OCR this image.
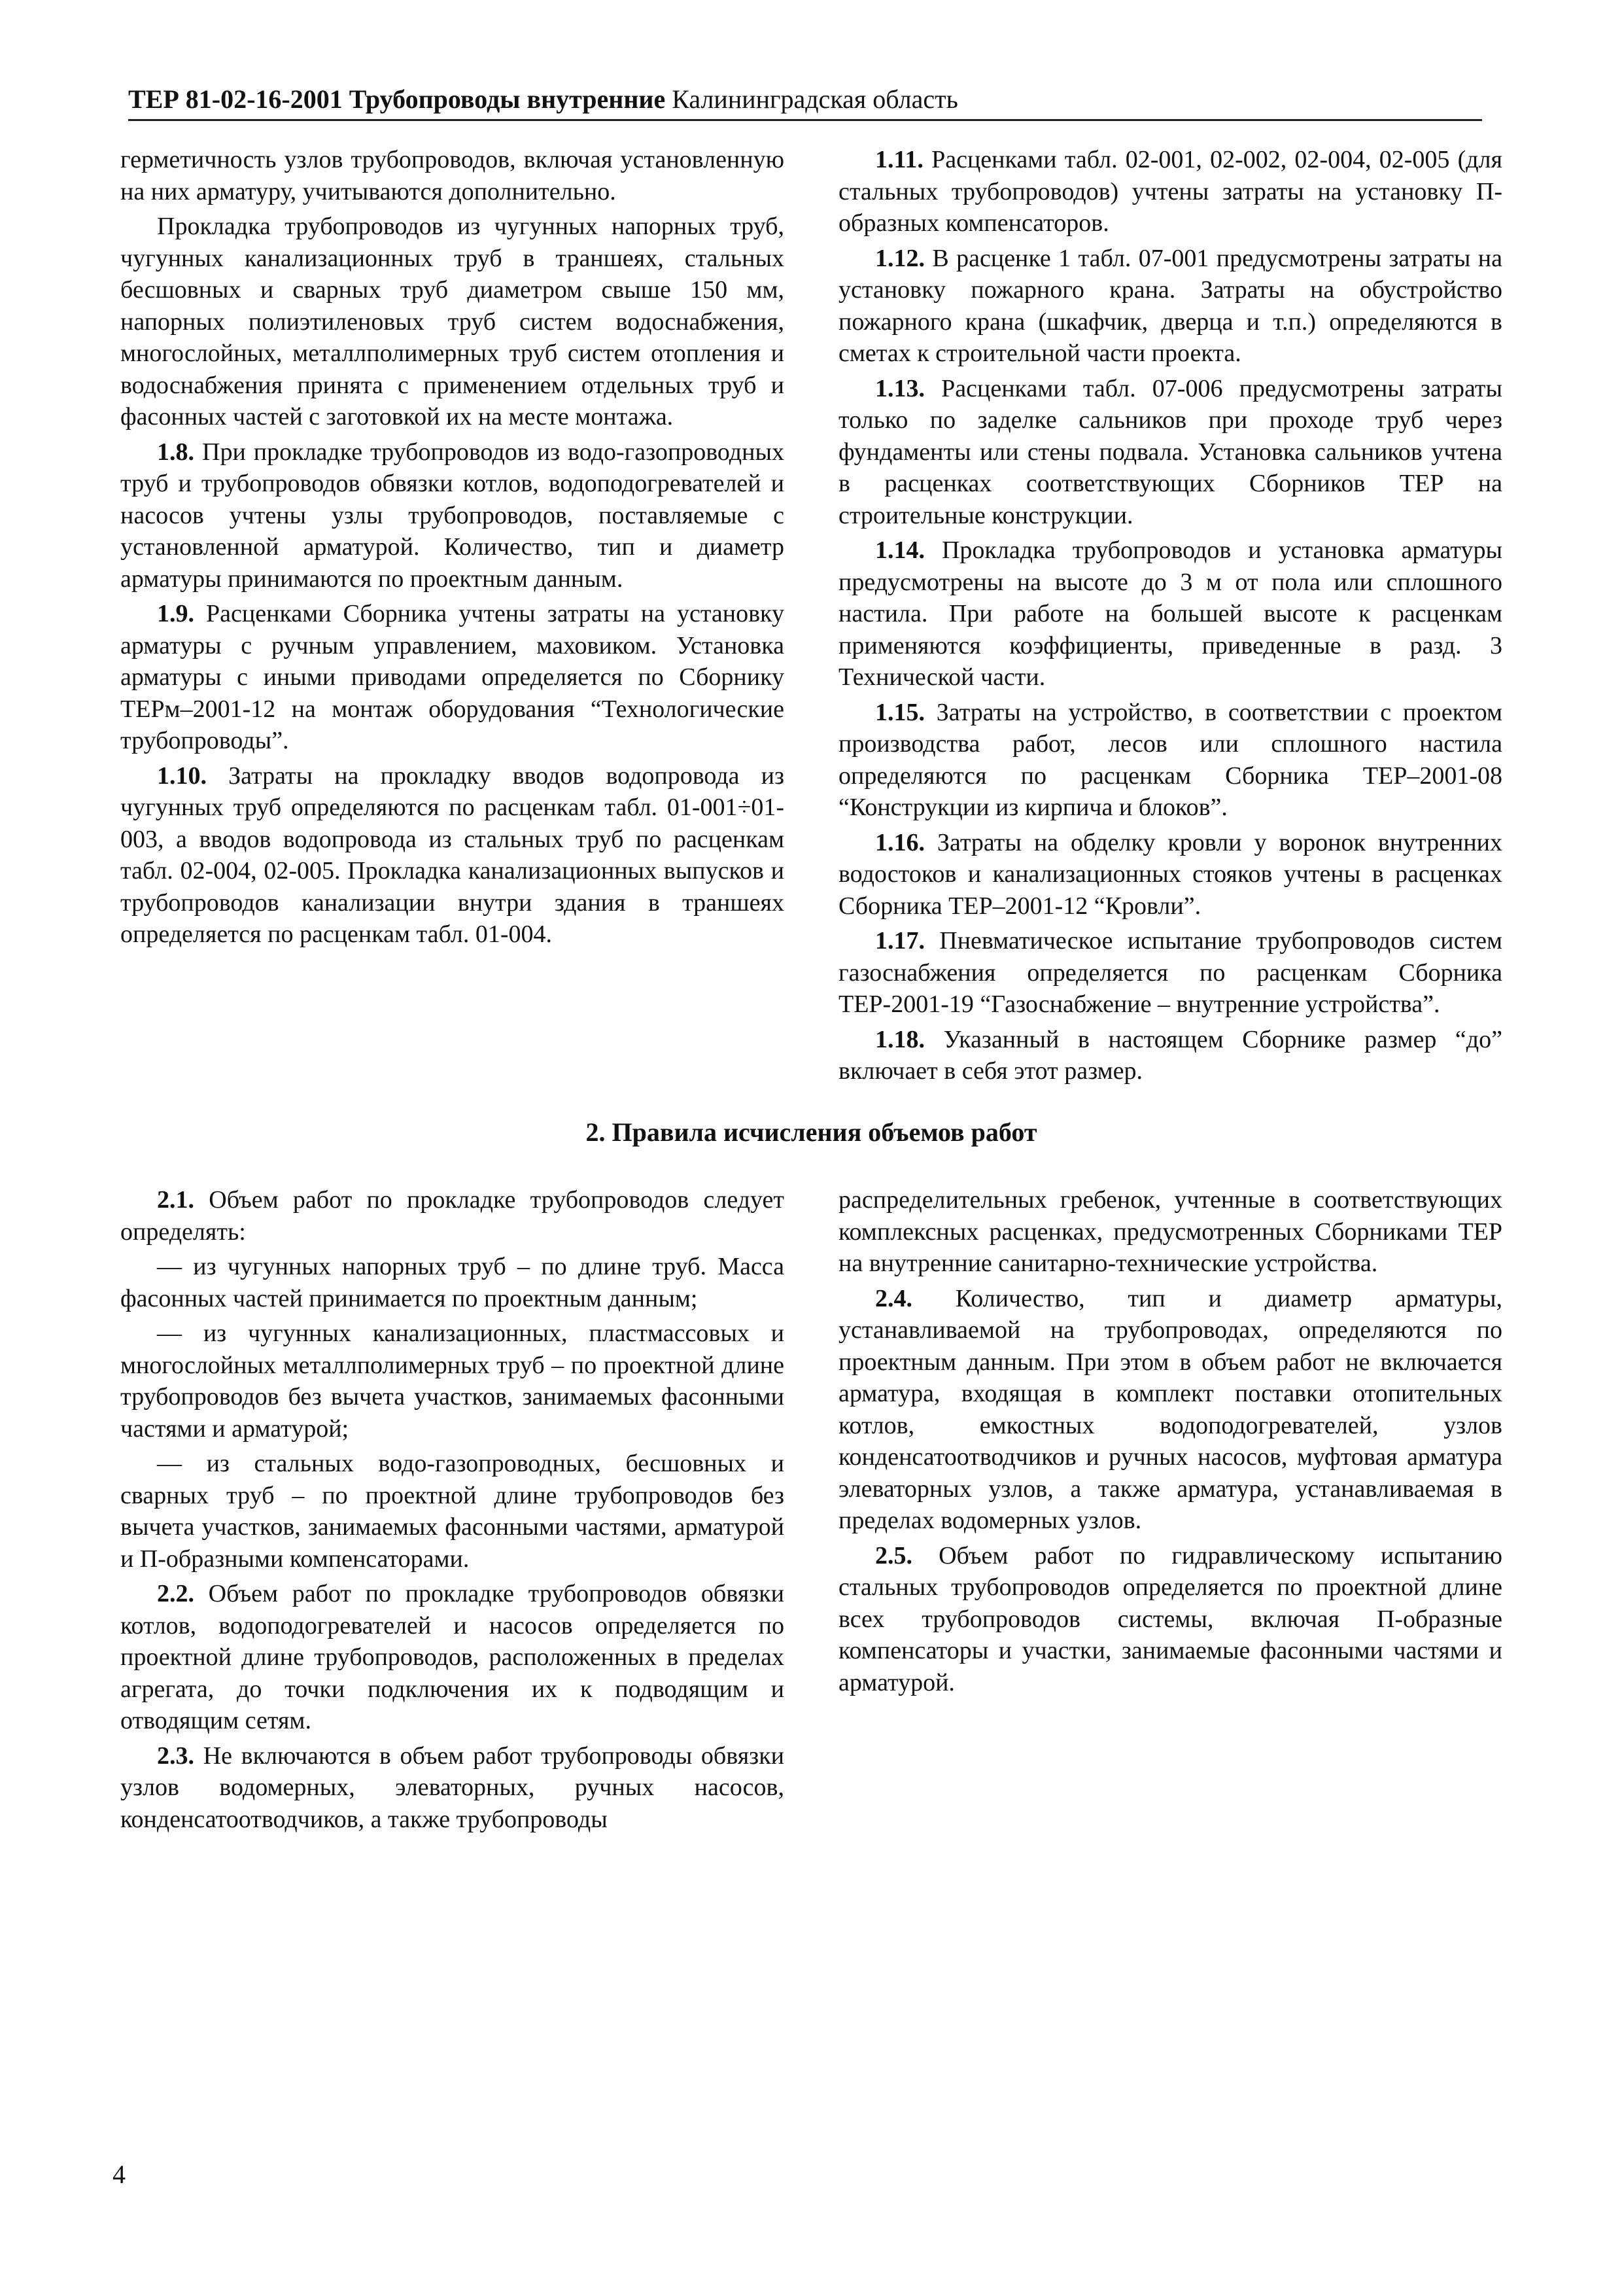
ТЕР 81-02-16-2001 Трубопроводы внутренние Калининградская область

герметичность узлов трубопроводов, включая установленную на них арматуру, учитываются дополнительно.

Прокладка трубопроводов из чугунных напорных труб, чугунных канализационных труб в траншеях, стальных бесшовных и сварных труб диаметром свыше 150 мм, напорных полиэтиленовых труб систем водоснабжения, многослойных, металлполимерных труб систем отопления и водоснабжения принята с применением отдельных труб и фасонных частей с заготовкой их на месте монтажа.

1.8. При прокладке трубопроводов из водо-газопроводных труб и трубопроводов обвязки котлов, водоподогревателей и насосов учтены узлы трубопроводов, поставляемые с установленной арматурой. Количество, тип и диаметр арматуры принимаются по проектным данным.

1.9. Расценками Сборника учтены затраты на установку арматуры с ручным управлением, маховиком. Установка арматуры с иными приводами определяется по Сборнику ТЕРм–2001-12 на монтаж оборудования “Технологические трубопроводы”.

1.10. Затраты на прокладку вводов водопровода из чугунных труб определяются по расценкам табл. 01-001÷01-003, а вводов водопровода из стальных труб по расценкам табл. 02-004, 02-005. Прокладка канализационных выпусков и трубопроводов канализации внутри здания в траншеях определяется по расценкам табл. 01-004.

1.11. Расценками табл. 02-001, 02-002, 02-004, 02-005 (для стальных трубопроводов) учтены затраты на установку П-образных компенсаторов.

1.12. В расценке 1 табл. 07-001 предусмотрены затраты на установку пожарного крана. Затраты на обустройство пожарного крана (шкафчик, дверца и т.п.) определяются в сметах к строительной части проекта.

1.13. Расценками табл. 07-006 предусмотрены затраты только по заделке сальников при проходе труб через фундаменты или стены подвала. Установка сальников учтена в расценках соответствующих Сборников ТЕР на строительные конструкции.

1.14. Прокладка трубопроводов и установка арматуры предусмотрены на высоте до 3 м от пола или сплошного настила. При работе на большей высоте к расценкам применяются коэффициенты, приведенные в разд. 3 Технической части.

1.15. Затраты на устройство, в соответствии с проектом производства работ, лесов или сплошного настила определяются по расценкам Сборника ТЕР–2001-08 “Конструкции из кирпича и блоков”.

1.16. Затраты на обделку кровли у воронок внутренних водостоков и канализационных стояков учтены в расценках Сборника ТЕР–2001-12 “Кровли”.

1.17. Пневматическое испытание трубопроводов систем газоснабжения определяется по расценкам Сборника ТЕР-2001-19 “Газоснабжение – внутренние устройства”.

1.18. Указанный в настоящем Сборнике размер “до” включает в себя этот размер.

2. Правила исчисления объемов работ

2.1. Объем работ по прокладке трубопроводов следует определять:

— из чугунных напорных труб – по длине труб. Масса фасонных частей принимается по проектным данным;

— из чугунных канализационных, пластмассовых и многослойных металлполимерных труб – по проектной длине трубопроводов без вычета участков, занимаемых фасонными частями и арматурой;

— из стальных водо-газопроводных, бесшовных и сварных труб – по проектной длине трубопроводов без вычета участков, занимаемых фасонными частями, арматурой и П-образными компенсаторами.

2.2. Объем работ по прокладке трубопроводов обвязки котлов, водоподогревателей и насосов определяется по проектной длине трубопроводов, расположенных в пределах агрегата, до точки подключения их к подводящим и отводящим сетям.

2.3. Не включаются в объем работ трубопроводы обвязки узлов водомерных, элеваторных, ручных насосов, конденсатоотводчиков, а также трубопроводы

распределительных гребенок, учтенные в соответствующих комплексных расценках, предусмотренных Сборниками ТЕР на внутренние санитарно-технические устройства.

2.4. Количество, тип и диаметр арматуры, устанавливаемой на трубопроводах, определяются по проектным данным. При этом в объем работ не включается арматура, входящая в комплект поставки отопительных котлов, емкостных водоподогревателей, узлов конденсатоотводчиков и ручных насосов, муфтовая арматура элеваторных узлов, а также арматура, устанавливаемая в пределах водомерных узлов.

2.5. Объем работ по гидравлическому испытанию стальных трубопроводов определяется по проектной длине всех трубопроводов системы, включая П-образные компенсаторы и участки, занимаемые фасонными частями и арматурой.

4
